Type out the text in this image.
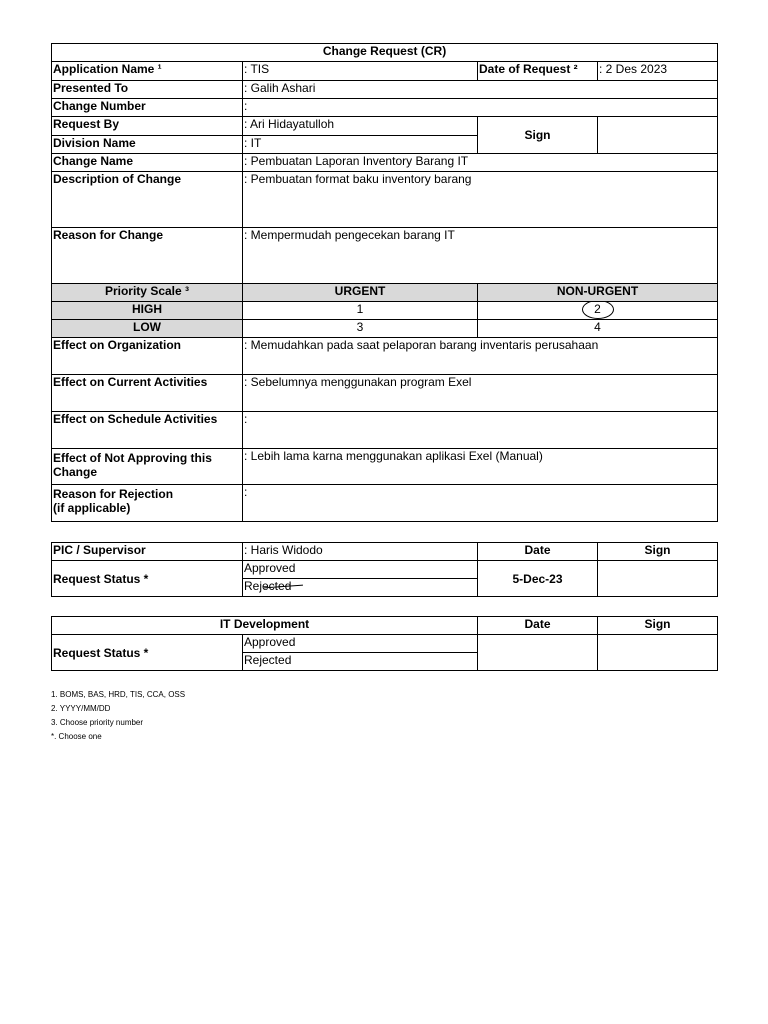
Change Request (CR)			
Application Name ¹	: TIS	Date of Request ²	: 2 Des 2023
Presented To	: Galih Ashari		
Change Number	:		
Request By	: Ari Hidayatulloh	Sign	
Division Name	: IT		
Change Name	: Pembuatan Laporan Inventory Barang IT		
Description of Change	: Pembuatan format baku inventory barang		
Reason for Change	: Mempermudah pengecekan barang IT		
Priority Scale ³	URGENT	NON-URGENT	
HIGH	1	2	
LOW	3	4	
Effect on Organization	: Memudahkan pada saat pelaporan barang inventaris perusahaan		
Effect on Current Activities	: Sebelumnya menggunakan program Exel		
Effect on Schedule Activities	:		
Effect of Not Approving this Change	: Lebih lama karna menggunakan aplikasi Exel (Manual)		
Reason for Rejection
(if applicable)	:		
PIC / Supervisor	: Haris Widodo	Date	Sign
Request Status *	Approved	5-Dec-23	
	Rejected		
IT Development		Date	Sign
Request Status *	Approved		
	Rejected		
1. BOMS, BAS, HRD, TIS, CCA, OSS
2. YYYY/MM/DD
3. Choose priority number
*. Choose one
